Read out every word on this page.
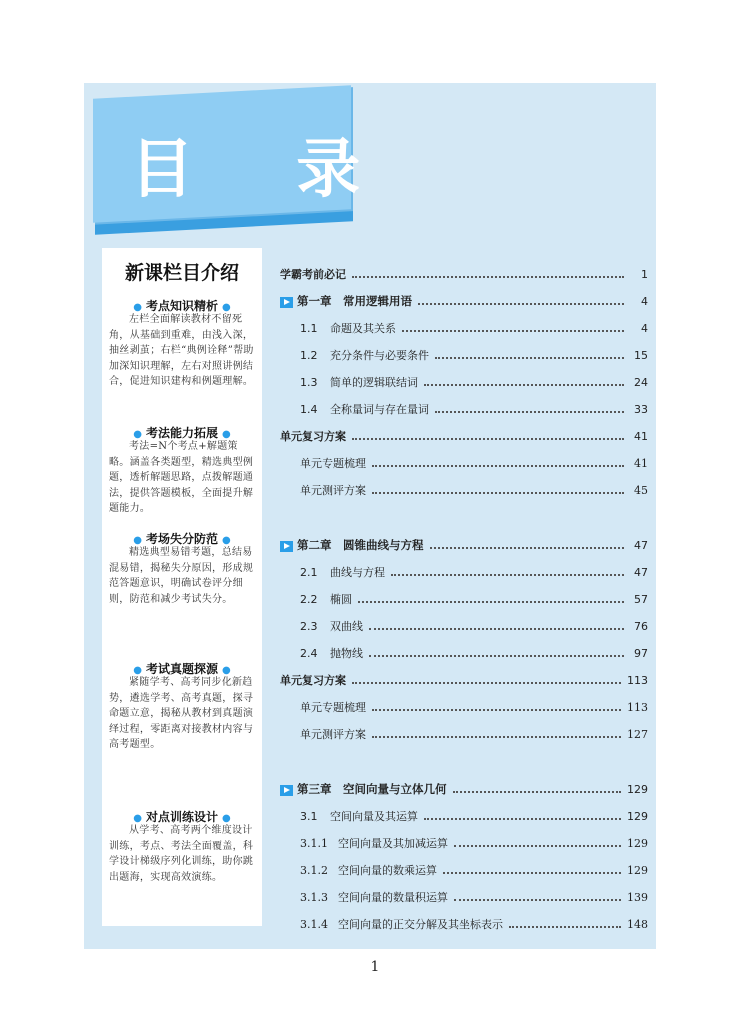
目 录
新课栏目介绍
● 考点知识精析 ●
左栏全面解读教材不留死角，从基础到重难，由浅入深，抽丝剥茧；右栏“典例诠释”帮助加深知识理解，左右对照讲例结合，促进知识建构和例题理解。
● 考法能力拓展 ●
考法=N个考点+解题策略。涵盖各类题型，精选典型例题，透析解题思路，点拨解题通法，提供答题模板，全面提升解题能力。
● 考场失分防范 ●
精选典型易错考题，总结易混易错，揭秘失分原因，形成规范答题意识，明确试卷评分细则，防范和减少考试失分。
● 考试真题探源 ●
紧随学考、高考同步化新趋势，遴选学考、高考真题，探寻命题立意，揭秘从教材到真题演绎过程，零距离对接教材内容与高考题型。
● 对点训练设计 ●
从学考、高考两个维度设计训练，考点、考法全面覆盖，科学设计梯级序列化训练，助你跳出题海，实现高效演练。
学霸考前必记	1
第一章　常用逻辑用语	4
1.1 命题及其关系	4
1.2 充分条件与必要条件	15
1.3 简单的逻辑联结词	24
1.4 全称量词与存在量词	33
单元复习方案	41
单元专题梳理	41
单元测评方案	45
第二章　圆锥曲线与方程	47
2.1 曲线与方程	47
2.2 椭圆	57
2.3 双曲线	76
2.4 抛物线	97
单元复习方案	113
单元专题梳理	113
单元测评方案	127
第三章　空间向量与立体几何	129
3.1 空间向量及其运算	129
3.1.1 空间向量及其加减运算	129
3.1.2 空间向量的数乘运算	129
3.1.3 空间向量的数量积运算	139
3.1.4 空间向量的正交分解及其坐标表示	148
1
